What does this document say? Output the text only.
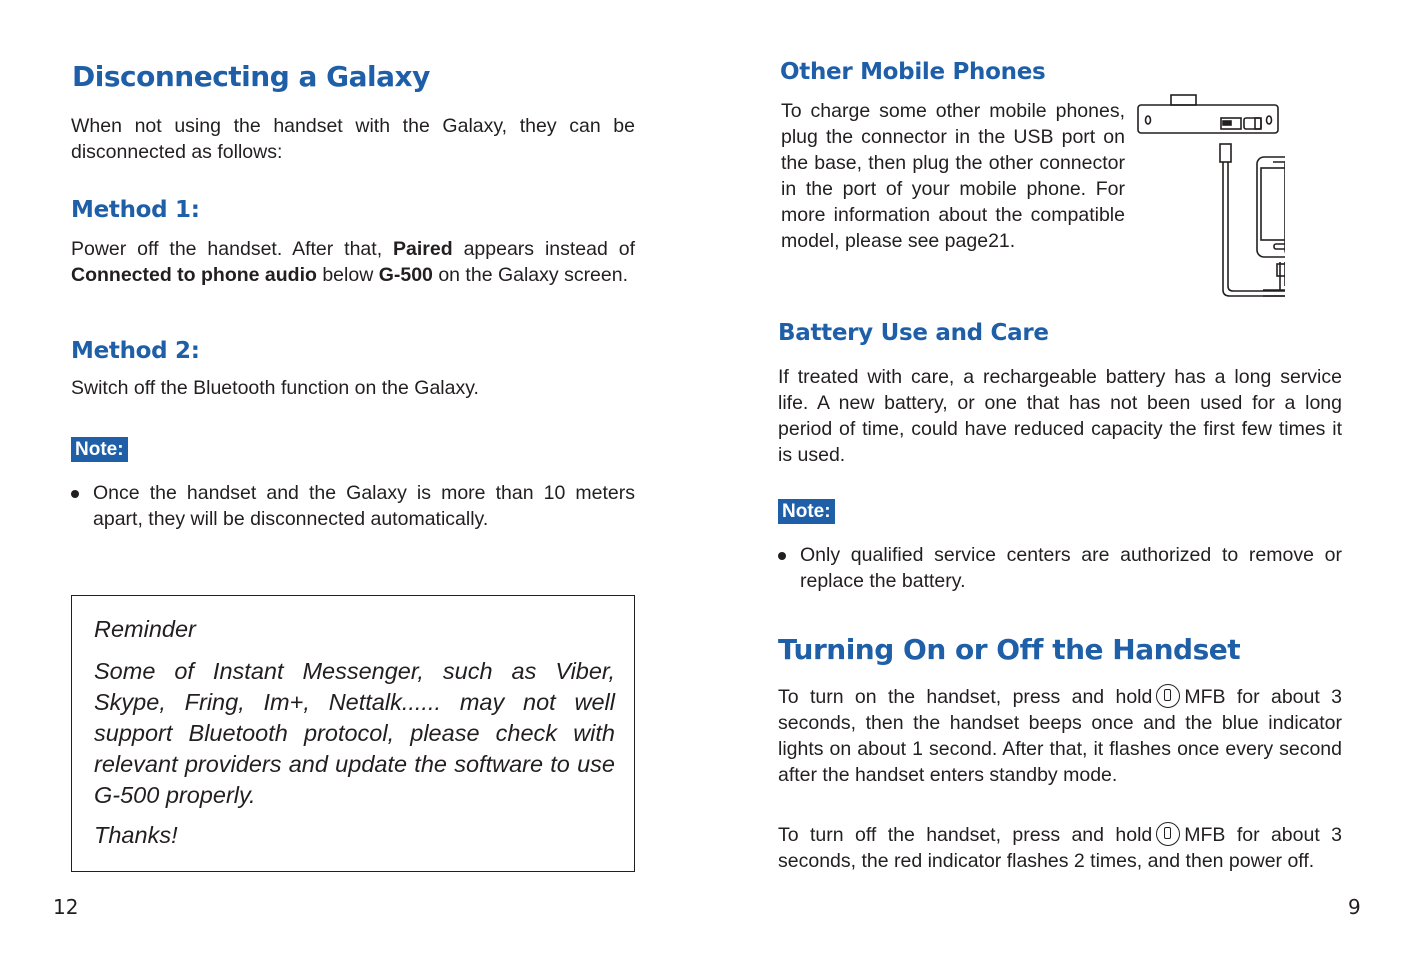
Disconnecting a Galaxy

When not using the handset with the Galaxy, they can be disconnected as follows:

Method 1:

Power off the handset. After that, Paired appears instead of Connected to phone audio below G-500 on the Galaxy screen.

Method 2:

Switch off the Bluetooth function on the Galaxy.

Note:
Once the handset and the Galaxy is more than 10 meters apart, they will be disconnected automatically.

Reminder

Some of Instant Messenger, such as Viber, Skype, Fring, Im+, Nettalk...... may not well support Bluetooth protocol, please check with relevant providers and update the software to use G-500 properly.

Thanks!

12
Other Mobile Phones

To charge some other mobile phones, plug the connector in the USB port on the base, then plug the other connector in the port of your mobile phone. For more information about the compatible model, please see page21.

Battery Use and Care

If treated with care, a rechargeable battery has a long service life. A new battery, or one that has not been used for a long period of time, could have reduced capacity the first few times it is used.

Note:
Only qualified service centers are authorized to remove or replace the battery.
Turning On or Off the Handset

To turn on the handset, press and hold MFB for about 3 seconds, then the handset beeps once and the blue indicator lights on about 1 second. After that, it flashes once every second after the handset enters standby mode.

To turn off the handset, press and hold MFB for about 3 seconds, the red indicator flashes 2 times, and then power off.

9
